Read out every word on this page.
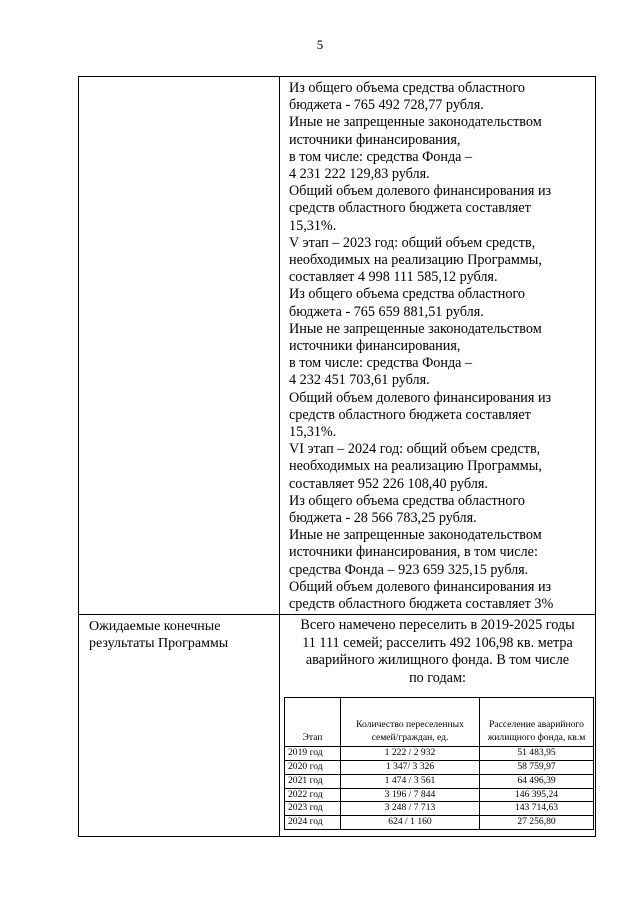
5

Из общего объема средства областного
бюджета - 765 492 728,77 рубля.
Иные не запрещенные законодательством
источники финансирования,
в том числе: средства Фонда –
4 231 222 129,83 рубля.
Общий объем долевого финансирования из
средств областного бюджета составляет
15,31%.
V этап – 2023 год: общий объем средств,
необходимых на реализацию Программы,
составляет 4 998 111 585,12 рубля.
Из общего объема средства областного
бюджета - 765 659 881,51 рубля.
Иные не запрещенные законодательством
источники финансирования,
в том числе: средства Фонда –
4 232 451 703,61 рубля.
Общий объем долевого финансирования из
средств областного бюджета составляет
15,31%.
VI этап – 2024 год: общий объем средств,
необходимых на реализацию Программы,
составляет 952 226 108,40 рубля.
Из общего объема средства областного
бюджета - 28 566 783,25 рубля.
Иные не запрещенные законодательством
источники финансирования, в том числе:
средства Фонда – 923 659 325,15 рубля.
Общий объем долевого финансирования из
средств областного бюджета составляет 3%

Ожидаемые конечные
результаты Программы

Всего намечено переселить в 2019-2025 годы
11 111 семей; расселить 492 106,98 кв. метра
аварийного жилищного фонда. В том числе
по годам:
Этап	Количество переселенных семей/граждан, ед.	Расселение аварийного жилищного фонда, кв.м
2019 год	1 222 / 2 932	51 483,95
2020 год	1 347/ 3 326	58 759,97
2021 год	1 474 / 3 561	64 496,39
2022 год	3 196 / 7 844	146 395,24
2023 год	3 248 / 7 713	143 714,63
2024 год	624 / 1 160	27 256,80
